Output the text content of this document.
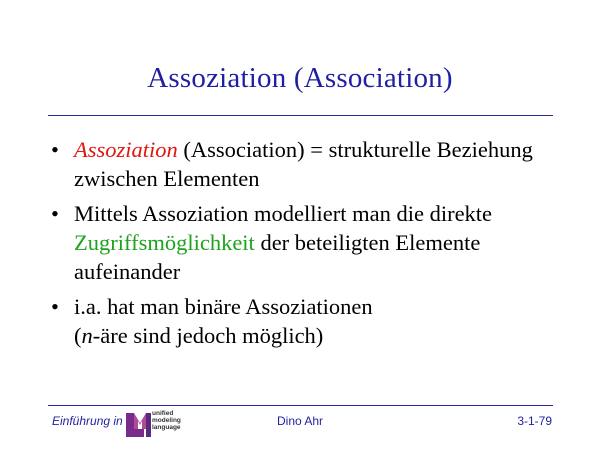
Assoziation (Association)
• Assoziation (Association) = strukturelle Beziehung zwischen Elementen
• Mittels Assoziation modelliert man die direkte Zugriffsmöglichkeit der beteiligten Elemente aufeinander
• i.a. hat man binäre Assoziationen
(n-äre sind jedoch möglich)
Einführung in
unified
modeling
language	Dino Ahr	3-1-79
